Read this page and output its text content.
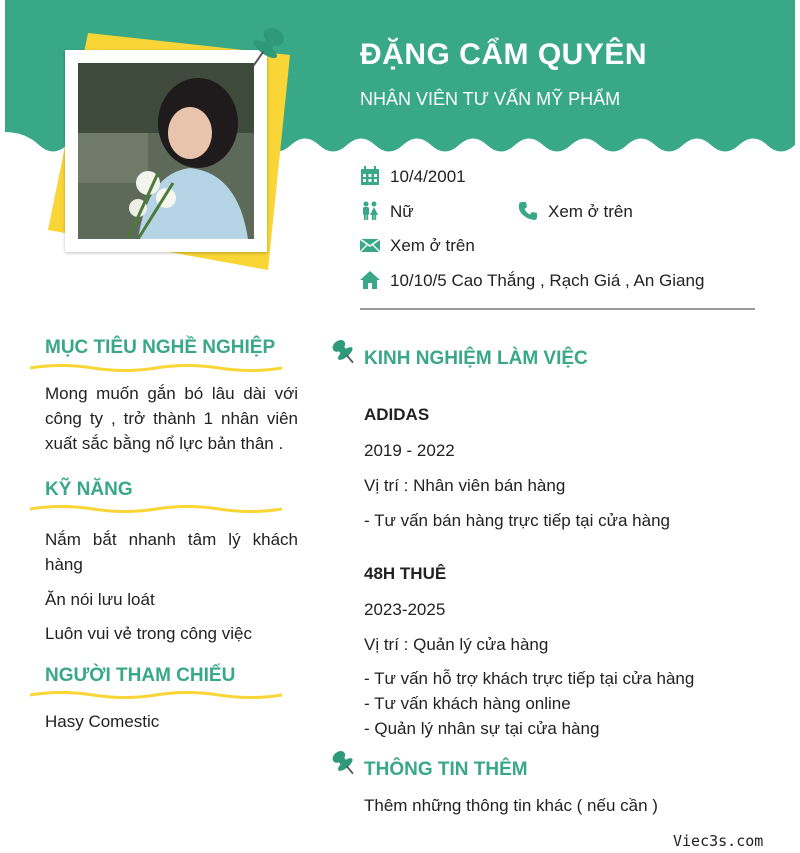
ĐẶNG CẨM QUYÊN
NHÂN VIÊN TƯ VẤN MỸ PHẨM
10/4/2001
Nữ	Xem ở trên
Xem ở trên
10/10/5 Cao Thắng , Rạch Giá , An Giang
MỤC TIÊU NGHỀ NGHIỆP
Mong muốn gắn bó lâu dài với công ty , trở thành 1 nhân viên xuất sắc bằng nổ lực bản thân .
KỸ NĂNG
Nắm bắt nhanh tâm lý khách hàng
Ăn nói lưu loát
Luôn vui vẻ trong công việc
NGƯỜI THAM CHIẾU
Hasy Comestic
KINH NGHIỆM LÀM VIỆC
ADIDAS
2019 - 2022
Vị trí : Nhân viên bán hàng
- Tư vấn bán hàng trực tiếp tại cửa hàng
48H THUÊ
2023-2025
Vị trí : Quản lý cửa hàng
- Tư vấn hỗ trợ khách trực tiếp tại cửa hàng
- Tư vấn khách hàng online
- Quản lý nhân sự tại cửa hàng
THÔNG TIN THÊM
Thêm những thông tin khác ( nếu cần )
Viec3s.com
